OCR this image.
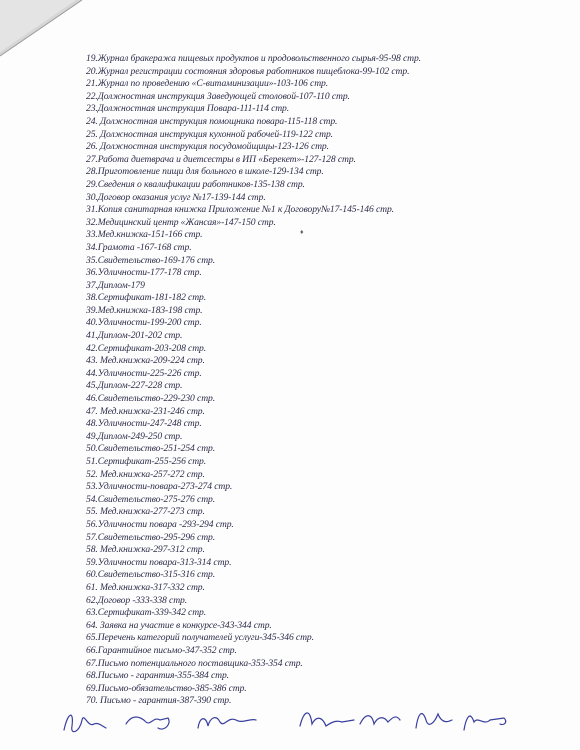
19.Журнал бракеража пищевых продуктов и продовольственного сырья-95-98 стр.
20.Журнал регистрации состояния здоровья работников пищеблока-99-102 стр.
21.Журнал по проведению «С-витаминизации»-103-106 стр.
22.Должностная инструкция Заведующей столовой-107-110 стр.
23.Должностная инструкция Повара-111-114 стр.
24. Должностная инструкция помощника повара-115-118 стр.
25. Должностная инструкция кухонной рабочей-119-122 стр.
26. Должностная инструкция посудомойщицы-123-126 стр.
27.Работа диетврача и диетсестры в ИП «Берекет»-127-128 стр.
28.Приготовление пищи для больного в школе-129-134 стр.
29.Сведения о квалификации работников-135-138 стр.
30.Договор оказания услуг №17-139-144 стр.
31.Копия санитарная книжка Приложение №1 к Договору№17-145-146 стр.
32.Медицинский центр «Жансая»-147-150 стр.
33.Мед.книжка-151-166 стр.
34.Грамота -167-168 стр.
35.Свидетельство-169-176 стр.
36.Удличности-177-178 стр.
37.Диплом-179
38.Сертификат-181-182 стр.
39.Мед.книжка-183-198 стр.
40.Удличности-199-200 стр.
41.Диплом-201-202 стр.
42.Сертификат-203-208 стр.
43. Мед.книжка-209-224 стр.
44.Удличности-225-226 стр.
45.Диплом-227-228 стр.
46.Свидетельство-229-230 стр.
47. Мед.книжка-231-246 стр.
48.Удличности-247-248 стр.
49.Диплом-249-250 стр.
50.Свидетельство-251-254 стр.
51.Сертификат-255-256 стр.
52. Мед.книжка-257-272 стр.
53.Удличности-повара-273-274 стр.
54.Свидетельство-275-276 стр.
55. Мед.книжка-277-273 стр.
56.Удличности повара -293-294 стр.
57.Свидетельство-295-296 стр.
58. Мед.книжка-297-312 стр.
59.Удличности повара-313-314 стр.
60.Свидетельство-315-316 стр.
61. Мед.книжка-317-332 стр.
62.Договор -333-338 стр.
63.Сертификат-339-342 стр.
64. Заявка на участие в конкурсе-343-344 стр.
65.Перечень категорий получателей услуги-345-346 стр.
66.Гарантийное письмо-347-352 стр.
67.Письмо потенциального поставщика-353-354 стр.
68.Письмо - гарантия-355-384 стр.
69.Письмо-обязательство-385-386 стр.
70. Письмо - гарантия-387-390 стр.
♦
